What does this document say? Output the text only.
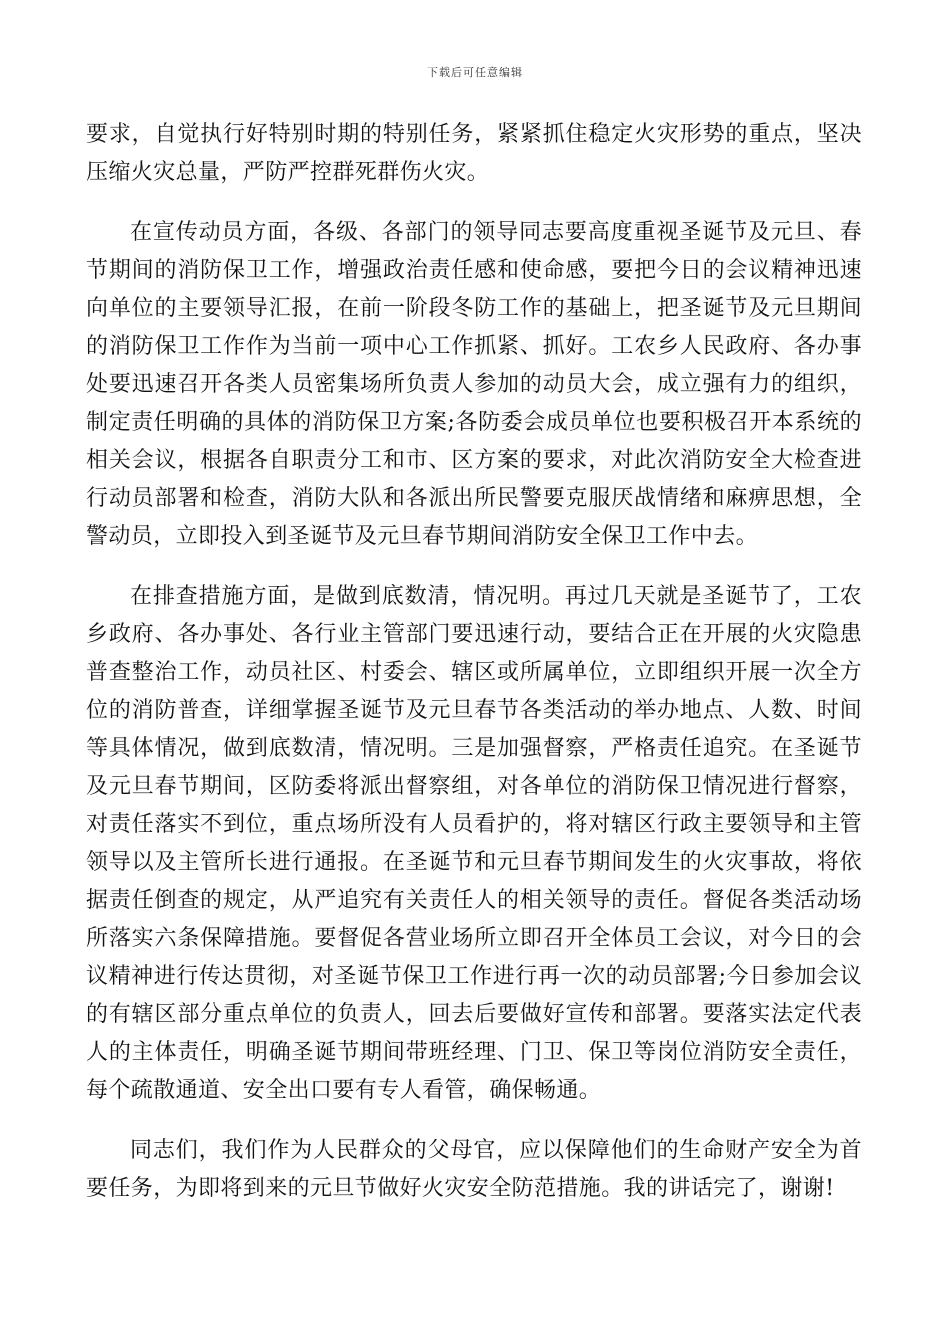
下载后可任意编辑

要求，自觉执行好特别时期的特别任务，紧紧抓住稳定火灾形势的重点，坚决压缩火灾总量，严防严控群死群伤火灾。

在宣传动员方面，各级、各部门的领导同志要高度重视圣诞节及元旦、春节期间的消防保卫工作，增强政治责任感和使命感，要把今日的会议精神迅速向单位的主要领导汇报，在前一阶段冬防工作的基础上，把圣诞节及元旦期间的消防保卫工作作为当前一项中心工作抓紧、抓好。工农乡人民政府、各办事处要迅速召开各类人员密集场所负责人参加的动员大会，成立强有力的组织，制定责任明确的具体的消防保卫方案;各防委会成员单位也要积极召开本系统的相关会议，根据各自职责分工和市、区方案的要求，对此次消防安全大检查进行动员部署和检查，消防大队和各派出所民警要克服厌战情绪和麻痹思想，全警动员，立即投入到圣诞节及元旦春节期间消防安全保卫工作中去。

在排查措施方面，是做到底数清，情况明。再过几天就是圣诞节了，工农乡政府、各办事处、各行业主管部门要迅速行动，要结合正在开展的火灾隐患普查整治工作，动员社区、村委会、辖区或所属单位，立即组织开展一次全方位的消防普查，详细掌握圣诞节及元旦春节各类活动的举办地点、人数、时间等具体情况，做到底数清，情况明。三是加强督察，严格责任追究。在圣诞节及元旦春节期间，区防委将派出督察组，对各单位的消防保卫情况进行督察，对责任落实不到位，重点场所没有人员看护的，将对辖区行政主要领导和主管领导以及主管所长进行通报。在圣诞节和元旦春节期间发生的火灾事故，将依据责任倒查的规定，从严追究有关责任人的相关领导的责任。督促各类活动场所落实六条保障措施。要督促各营业场所立即召开全体员工会议，对今日的会议精神进行传达贯彻，对圣诞节保卫工作进行再一次的动员部署;今日参加会议的有辖区部分重点单位的负责人，回去后要做好宣传和部署。要落实法定代表人的主体责任，明确圣诞节期间带班经理、门卫、保卫等岗位消防安全责任，每个疏散通道、安全出口要有专人看管，确保畅通。

同志们，我们作为人民群众的父母官，应以保障他们的生命财产安全为首要任务，为即将到来的元旦节做好火灾安全防范措施。我的讲话完了，谢谢!
